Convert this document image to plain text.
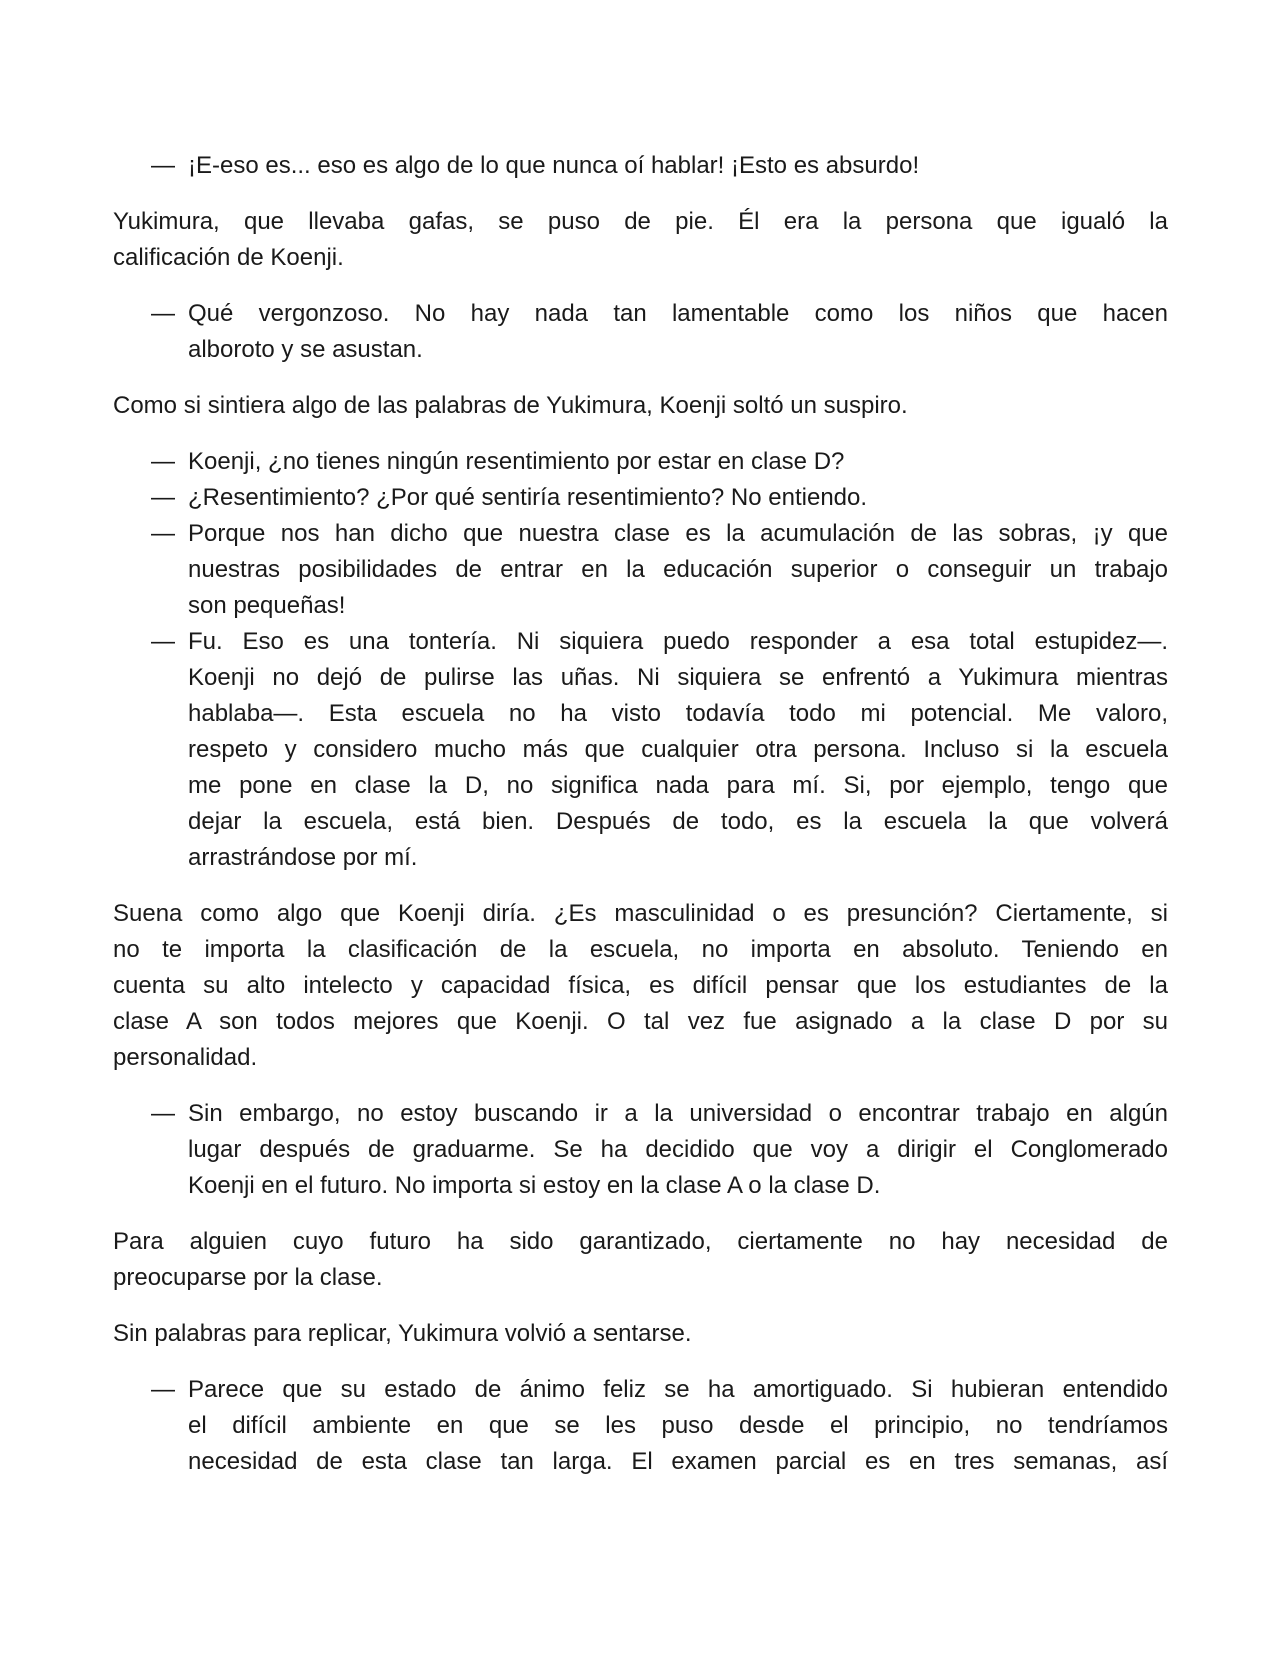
— ¡E-eso es... eso es algo de lo que nunca oí hablar! ¡Esto es absurdo!
Yukimura, que llevaba gafas, se puso de pie. Él era la persona que igualó la
calificación de Koenji.
— Qué vergonzoso. No hay nada tan lamentable como los niños que hacen
alboroto y se asustan.
Como si sintiera algo de las palabras de Yukimura, Koenji soltó un suspiro.
— Koenji, ¿no tienes ningún resentimiento por estar en clase D?
— ¿Resentimiento? ¿Por qué sentiría resentimiento? No entiendo.
— Porque nos han dicho que nuestra clase es la acumulación de las sobras, ¡y que
nuestras posibilidades de entrar en la educación superior o conseguir un trabajo
son pequeñas!
— Fu. Eso es una tontería. Ni siquiera puedo responder a esa total estupidez—.
Koenji no dejó de pulirse las uñas. Ni siquiera se enfrentó a Yukimura mientras
hablaba—. Esta escuela no ha visto todavía todo mi potencial. Me valoro,
respeto y considero mucho más que cualquier otra persona. Incluso si la escuela
me pone en clase la D, no significa nada para mí. Si, por ejemplo, tengo que
dejar la escuela, está bien. Después de todo, es la escuela la que volverá
arrastrándose por mí.
Suena como algo que Koenji diría. ¿Es masculinidad o es presunción? Ciertamente, si
no te importa la clasificación de la escuela, no importa en absoluto. Teniendo en
cuenta su alto intelecto y capacidad física, es difícil pensar que los estudiantes de la
clase A son todos mejores que Koenji. O tal vez fue asignado a la clase D por su
personalidad.
— Sin embargo, no estoy buscando ir a la universidad o encontrar trabajo en algún
lugar después de graduarme. Se ha decidido que voy a dirigir el Conglomerado
Koenji en el futuro. No importa si estoy en la clase A o la clase D.
Para alguien cuyo futuro ha sido garantizado, ciertamente no hay necesidad de
preocuparse por la clase.
Sin palabras para replicar, Yukimura volvió a sentarse.
— Parece que su estado de ánimo feliz se ha amortiguado. Si hubieran entendido
el difícil ambiente en que se les puso desde el principio, no tendríamos
necesidad de esta clase tan larga. El examen parcial es en tres semanas, así
